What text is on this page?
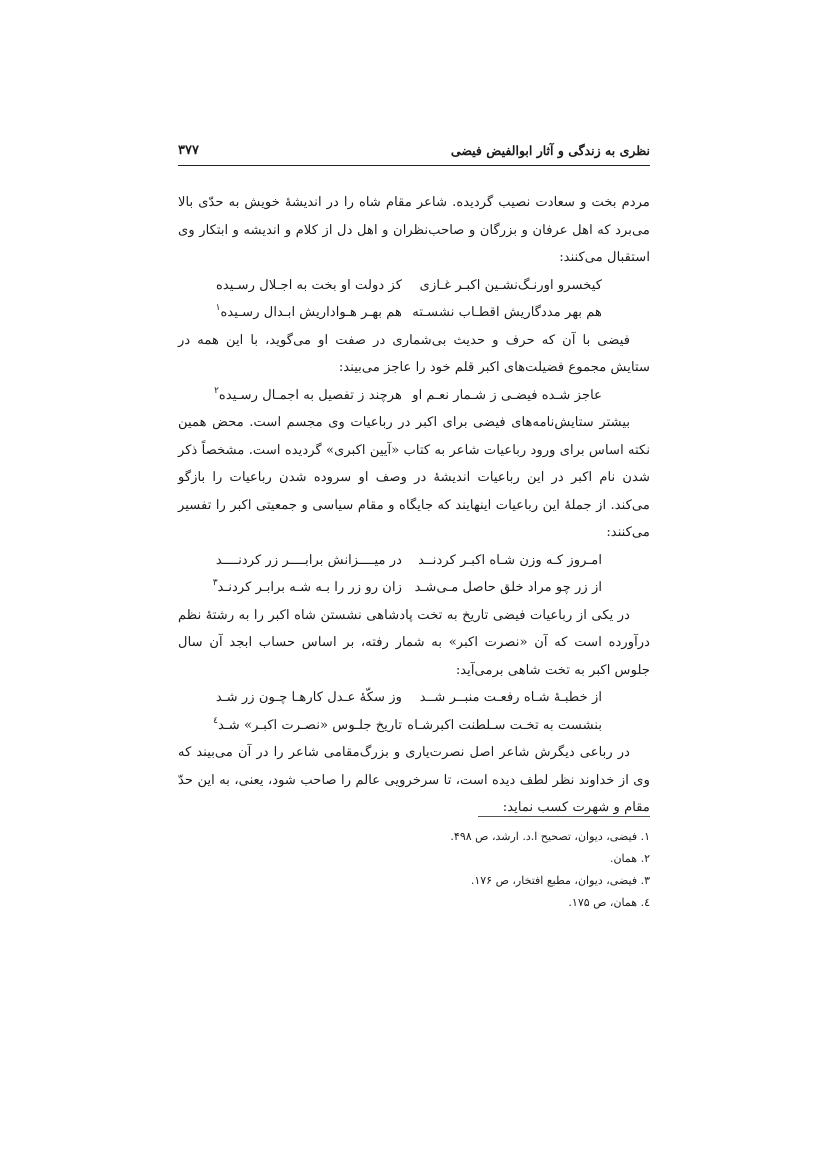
نظری به زندگی و آثار ابوالفیض فیضی
۳۷۷

مردم بخت و سعادت نصیب گردیده. شاعر مقام شاه را در اندیشهٔ خویش به حدّی بالا می‌برد که اهل عرفان و بزرگان و صاحب‌نظران و اهل دل از کلام و اندیشه و ابتکار وی استقبال می‌کنند:

کیخسرو اورنـگ‌نشـین اکبـر غـازی
کز دولت او بخت به اجـلال رسـیده
هم بهر مددگاریش اقطـاب نشسـته
هم بهـر هـواداریش ابـدال رسـیده$^۱$

فیضی با آن که حرف و حدیث بی‌شماری در صفت او می‌گوید، با این همه در ستایش مجموع فضیلت‌های اکبر قلم خود را عاجز می‌بیند:

عاجز شـده فیضـی ز شـمار نعـم او
هرچند ز تفصیل به اجمـال رسـیده$^۲$

بیشتر ستایش‌نامه‌های فیضی برای اکبر در رباعیات وی مجسم است. محض همین نکته اساس برای ورود رباعیات شاعر به کتاب «آیین اکبری» گردیده است. مشخصاً ذکر شدن نام اکبر در این رباعیات اندیشهٔ در وصف او سروده شدن رباعیات را بازگو می‌کند. از جملهٔ این رباعیات اینهایند که جایگاه و مقام سیاسی و جمعیتی اکبر را تفسیر می‌کنند:

امـروز کـه وزن شـاه اکبـر کردنــد
در میــــزانش برابــــر زر کردنــــد
از زر چو مراد خلق حاصل مـی‌شـد
زان رو زر را بـه شـه برابـر کردنـد$^۳$

در یکی از رباعیات فیضی تاریخ به تخت پادشاهی نشستن شاه اکبر را به رشتهٔ نظم درآورده است که آن «نصرت اکبر» به شمار رفته، بر اساس حساب ابجد آن سال جلوس اکبر به تخت شاهی برمی‌آید:

از خطبـهٔ شـاه رفعـت منبــر شــد
وز سکّهٔ عـدل کارهـا چـون زر شـد
بنشست به تخـت سـلطنت اکبرشـاه
تاریخ جلـوس «نصـرت اکبـر» شـد$^٤$

در رباعی دیگرش شاعر اصل نصرت‌یاری و بزرگ‌مقامی شاعر را در آن می‌بیند که وی از خداوند نظر لطف دیده است، تا سرخرویی عالم را صاحب شود، یعنی، به این حدّ مقام و شهرت کسب نماید:

۱. فیضی، دیوان، تصحیح ا.د. ارشد، ص ۴۹۸.
۲. همان.
۳. فیضی، دیوان، مطبع افتخار، ص ۱۷۶.
٤. همان، ص ۱۷۵.
